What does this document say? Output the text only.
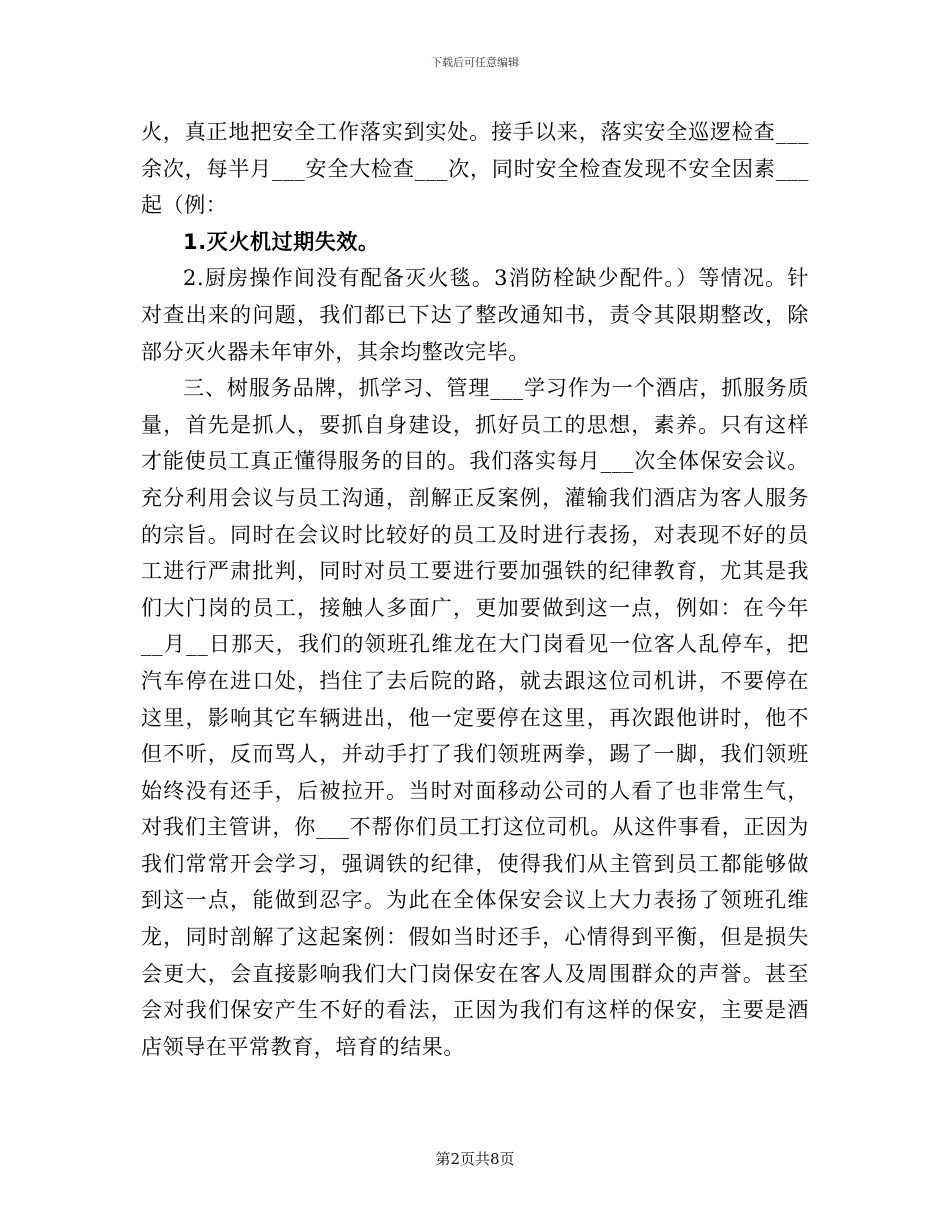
下载后可任意编辑

火，真正地把安全工作落实到实处。接手以来，落实安全巡逻检查___余次，每半月___安全大检查___次，同时安全检查发现不安全因素___起（例：

1.灭火机过期失效。

2.厨房操作间没有配备灭火毯。3消防栓缺少配件。）等情况。针对查出来的问题，我们都已下达了整改通知书，责令其限期整改，除部分灭火器未年审外，其余均整改完毕。

三、树服务品牌，抓学习、管理___学习作为一个酒店，抓服务质量，首先是抓人，要抓自身建设，抓好员工的思想，素养。只有这样才能使员工真正懂得服务的目的。我们落实每月___次全体保安会议。充分利用会议与员工沟通，剖解正反案例，灌输我们酒店为客人服务的宗旨。同时在会议时比较好的员工及时进行表扬，对表现不好的员工进行严肃批判，同时对员工要进行要加强铁的纪律教育，尤其是我们大门岗的员工，接触人多面广，更加要做到这一点，例如：在今年__月__日那天，我们的领班孔维龙在大门岗看见一位客人乱停车，把汽车停在进口处，挡住了去后院的路，就去跟这位司机讲，不要停在这里，影响其它车辆进出，他一定要停在这里，再次跟他讲时，他不但不听，反而骂人，并动手打了我们领班两拳，踢了一脚，我们领班始终没有还手，后被拉开。当时对面移动公司的人看了也非常生气，对我们主管讲，你___不帮你们员工打这位司机。从这件事看，正因为我们常常开会学习，强调铁的纪律，使得我们从主管到员工都能够做到这一点，能做到忍字。为此在全体保安会议上大力表扬了领班孔维龙，同时剖解了这起案例：假如当时还手，心情得到平衡，但是损失会更大，会直接影响我们大门岗保安在客人及周围群众的声誉。甚至会对我们保安产生不好的看法，正因为我们有这样的保安，主要是酒店领导在平常教育，培育的结果。

第2页共8页
